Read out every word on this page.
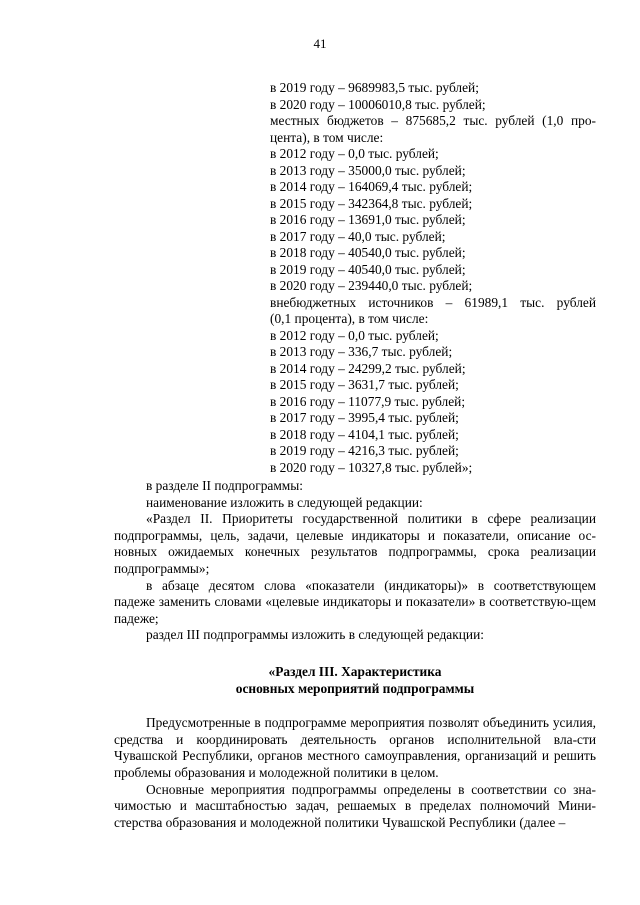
41
в 2019 году – 9689983,5 тыс. рублей;
в 2020 году – 10006010,8 тыс. рублей;
местных бюджетов – 875685,2 тыс. рублей (1,0 про-
цента), в том числе:
в 2012 году – 0,0 тыс. рублей;
в 2013 году – 35000,0 тыс. рублей;
в 2014 году – 164069,4 тыс. рублей;
в 2015 году – 342364,8 тыс. рублей;
в 2016 году – 13691,0 тыс. рублей;
в 2017 году – 40,0 тыс. рублей;
в 2018 году – 40540,0 тыс. рублей;
в 2019 году – 40540,0 тыс. рублей;
в 2020 году – 239440,0 тыс. рублей;
внебюджетных источников – 61989,1 тыс. рублей
(0,1 процента), в том числе:
в 2012 году – 0,0 тыс. рублей;
в 2013 году – 336,7 тыс. рублей;
в 2014 году – 24299,2 тыс. рублей;
в 2015 году – 3631,7 тыс. рублей;
в 2016 году – 11077,9 тыс. рублей;
в 2017 году – 3995,4 тыс. рублей;
в 2018 году – 4104,1 тыс. рублей;
в 2019 году – 4216,3 тыс. рублей;
в 2020 году – 10327,8 тыс. рублей»;

в разделе II подпрограммы:

наименование изложить в следующей редакции:

«Раздел II. Приоритеты государственной политики в сфере реализации подпрограммы, цель, задачи, целевые индикаторы и показатели, описание ос-новных ожидаемых конечных результатов подпрограммы, срока реализации подпрограммы»;

в абзаце десятом слова «показатели (индикаторы)» в соответствующем падеже заменить словами «целевые индикаторы и показатели» в соответствую-щем падеже;

раздел III подпрограммы изложить в следующей редакции:

«Раздел III. Характеристика
основных мероприятий подпрограммы

Предусмотренные в подпрограмме мероприятия позволят объединить усилия, средства и координировать деятельность органов исполнительной вла-сти Чувашской Республики, органов местного самоуправления, организаций и решить проблемы образования и молодежной политики в целом.

Основные мероприятия подпрограммы определены в соответствии со зна-чимостью и масштабностью задач, решаемых в пределах полномочий Мини-стерства образования и молодежной политики Чувашской Республики (далее –
